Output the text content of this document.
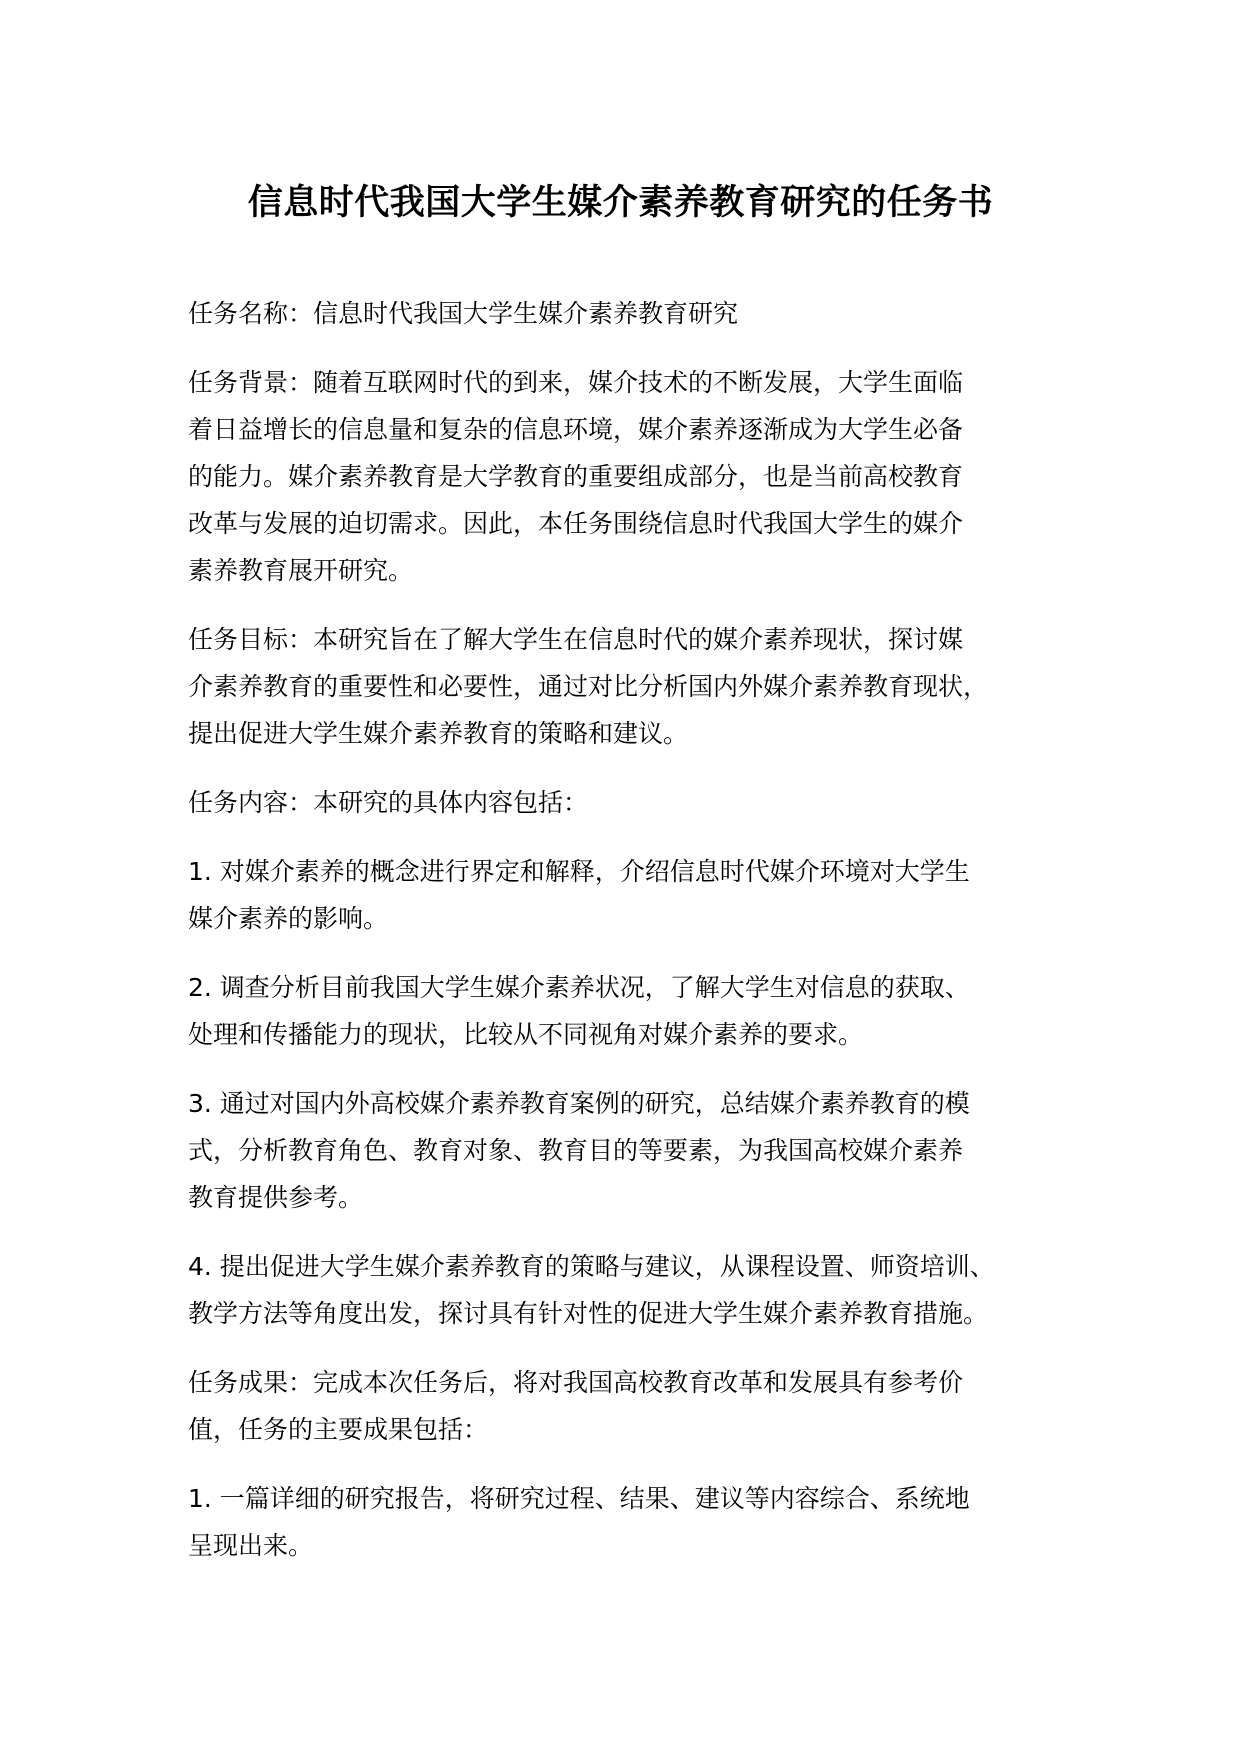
信息时代我国大学生媒介素养教育研究的任务书

任务名称：信息时代我国大学生媒介素养教育研究

任务背景：随着互联网时代的到来，媒介技术的不断发展，大学生面临
着日益增长的信息量和复杂的信息环境，媒介素养逐渐成为大学生必备
的能力。媒介素养教育是大学教育的重要组成部分，也是当前高校教育
改革与发展的迫切需求。因此，本任务围绕信息时代我国大学生的媒介
素养教育展开研究。

任务目标：本研究旨在了解大学生在信息时代的媒介素养现状，探讨媒
介素养教育的重要性和必要性，通过对比分析国内外媒介素养教育现状，
提出促进大学生媒介素养教育的策略和建议。

任务内容：本研究的具体内容包括：

1. 对媒介素养的概念进行界定和解释，介绍信息时代媒介环境对大学生
媒介素养的影响。

2. 调查分析目前我国大学生媒介素养状况，了解大学生对信息的获取、
处理和传播能力的现状，比较从不同视角对媒介素养的要求。

3. 通过对国内外高校媒介素养教育案例的研究，总结媒介素养教育的模
式，分析教育角色、教育对象、教育目的等要素，为我国高校媒介素养
教育提供参考。

4. 提出促进大学生媒介素养教育的策略与建议，从课程设置、师资培训、
教学方法等角度出发，探讨具有针对性的促进大学生媒介素养教育措施。

任务成果：完成本次任务后，将对我国高校教育改革和发展具有参考价
值，任务的主要成果包括：

1. 一篇详细的研究报告，将研究过程、结果、建议等内容综合、系统地
呈现出来。
